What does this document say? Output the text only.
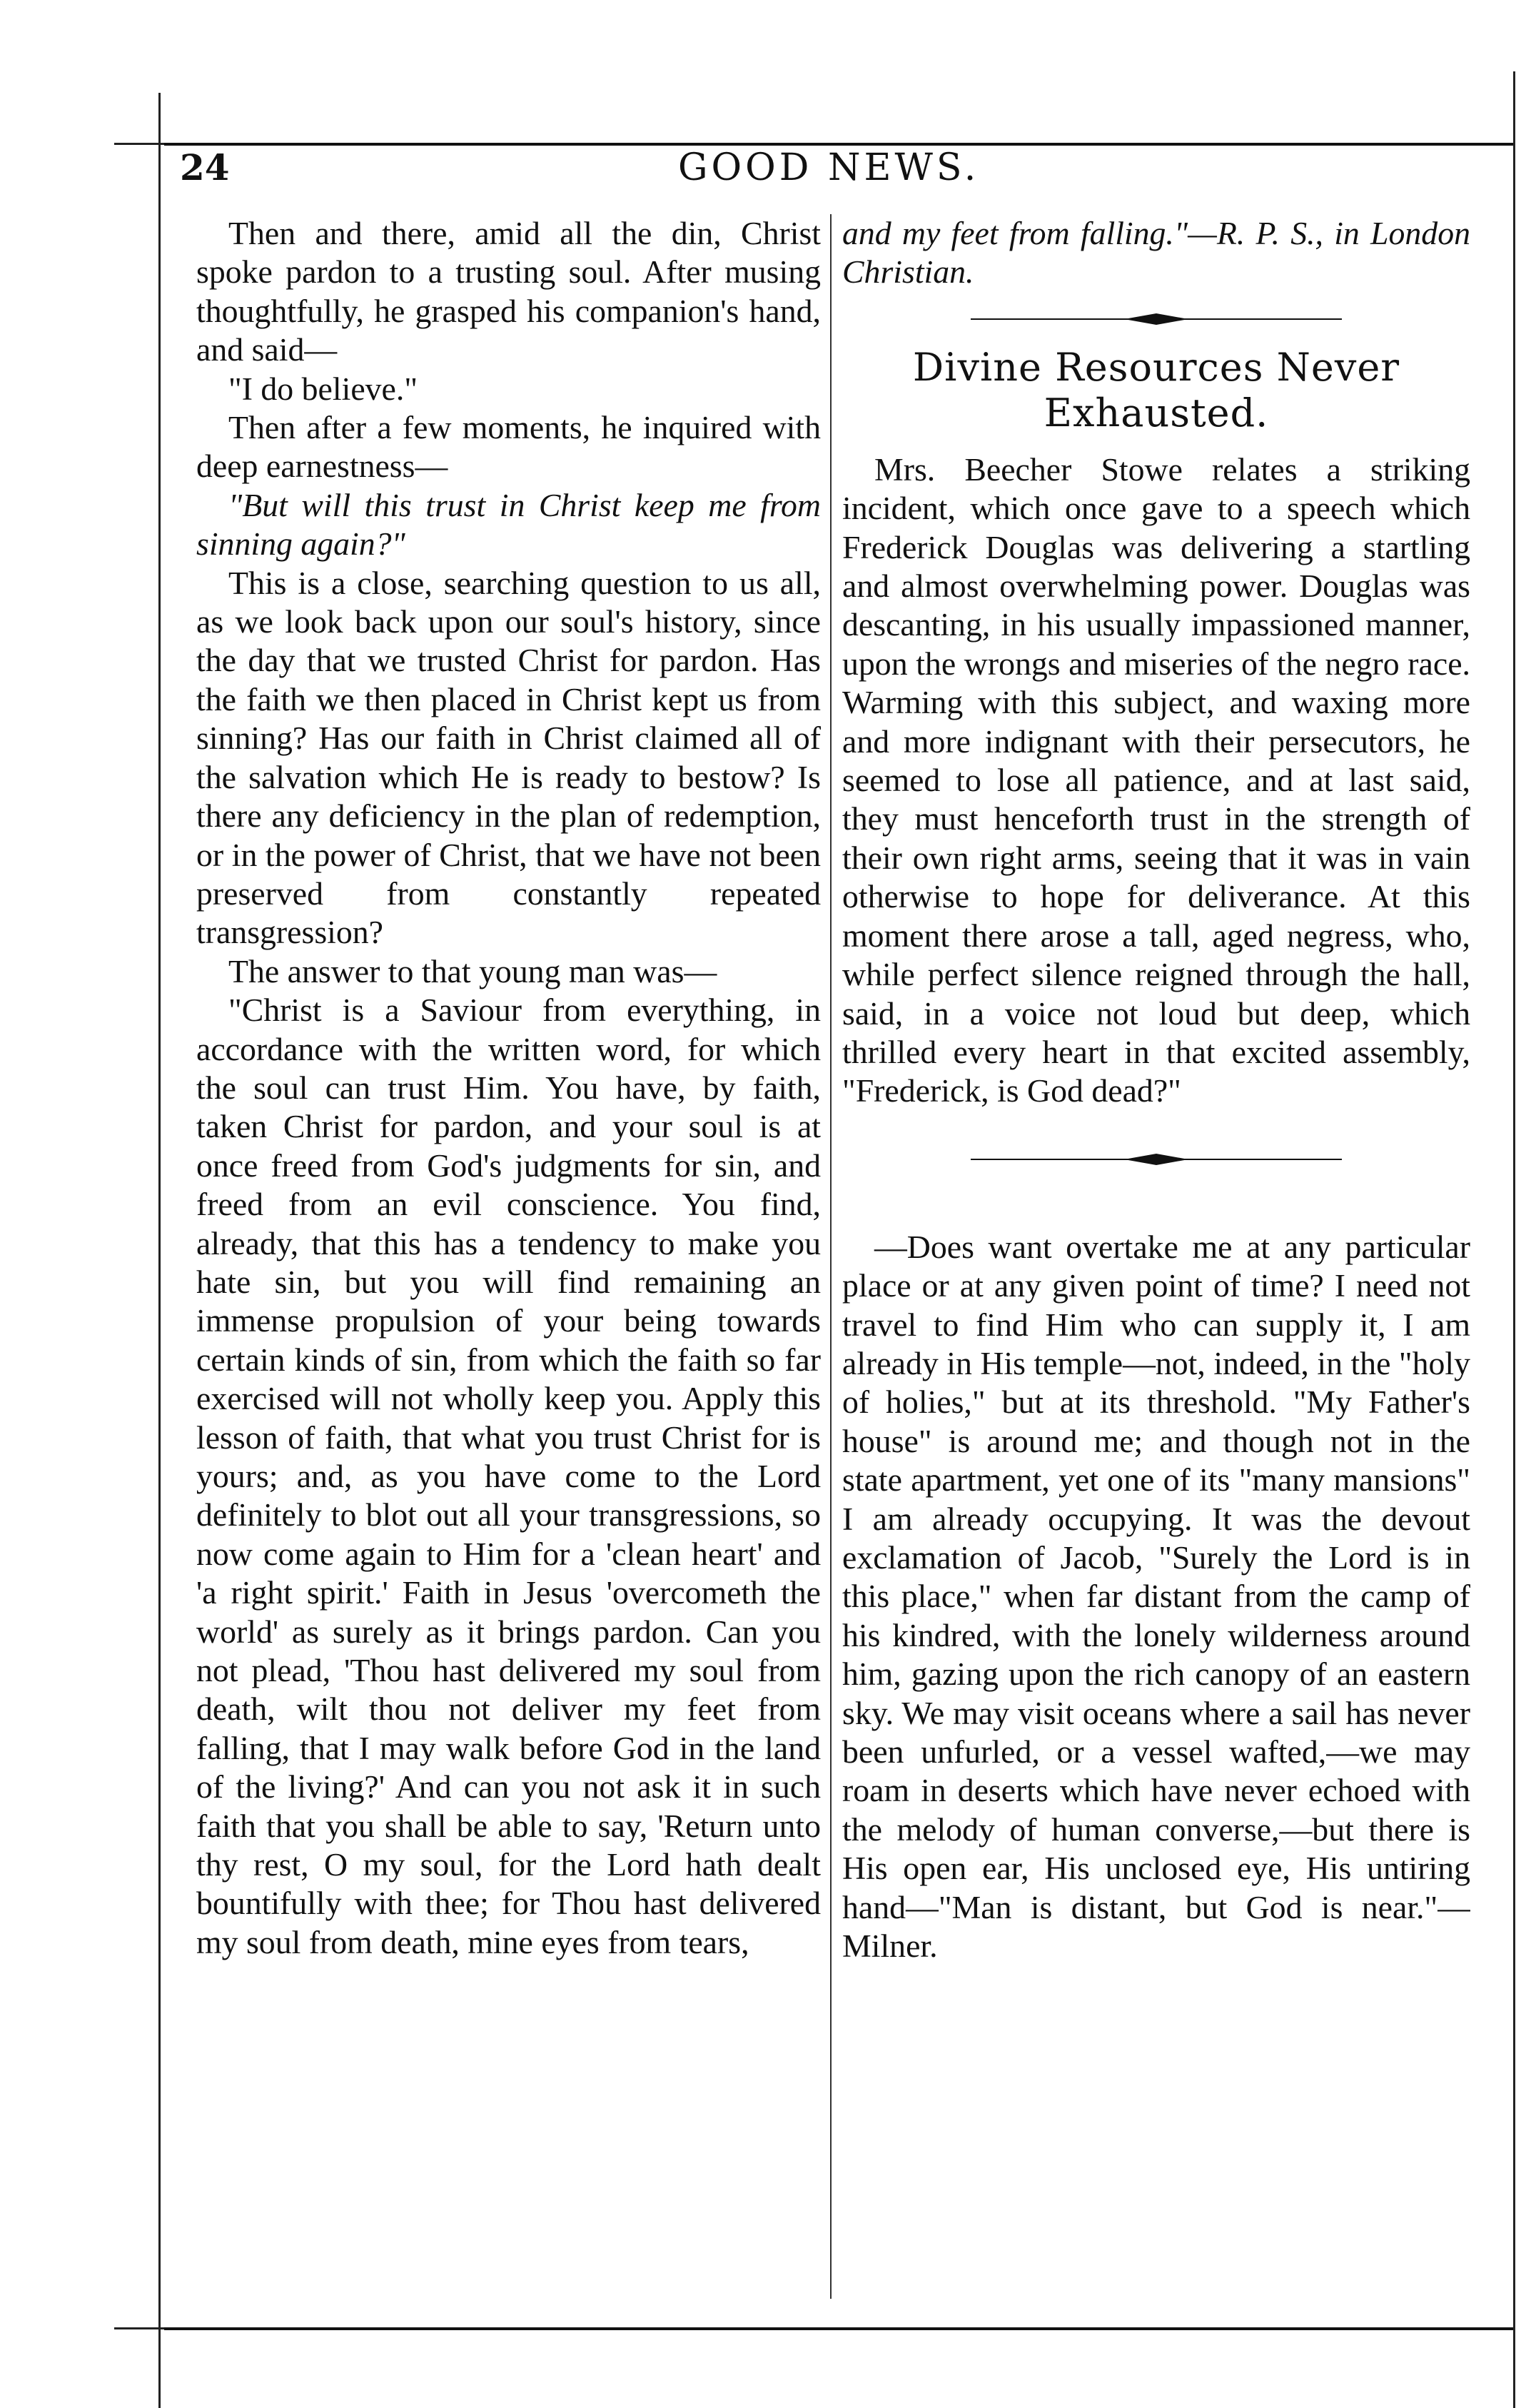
24	GOOD NEWS.

Then and there, amid all the din, Christ spoke pardon to a trusting soul. After musing thoughtfully, he grasped his companion's hand, and said—

"I do believe."

Then after a few moments, he inquired with deep earnestness—

"But will this trust in Christ keep me from sinning again?"

This is a close, searching question to us all, as we look back upon our soul's history, since the day that we trusted Christ for pardon. Has the faith we then placed in Christ kept us from sinning? Has our faith in Christ claimed all of the salvation which He is ready to bestow? Is there any deficiency in the plan of redemption, or in the power of Christ, that we have not been preserved from constantly repeated transgression?

The answer to that young man was—

"Christ is a Saviour from everything, in accordance with the written word, for which the soul can trust Him. You have, by faith, taken Christ for pardon, and your soul is at once freed from God's judgments for sin, and freed from an evil conscience. You find, already, that this has a tendency to make you hate sin, but you will find remaining an immense propulsion of your being towards certain kinds of sin, from which the faith so far exercised will not wholly keep you. Apply this lesson of faith, that what you trust Christ for is yours; and, as you have come to the Lord definitely to blot out all your transgressions, so now come again to Him for a 'clean heart' and 'a right spirit.' Faith in Jesus 'overcometh the world' as surely as it brings pardon. Can you not plead, 'Thou hast delivered my soul from death, wilt thou not deliver my feet from falling, that I may walk before God in the land of the living?' And can you not ask it in such faith that you shall be able to say, 'Return unto thy rest, O my soul, for the Lord hath dealt bountifully with thee; for Thou hast delivered my soul from death, mine eyes from tears,

and my feet from falling."—R. P. S., in London Christian.

Divine Resources Never Exhausted.

Mrs. Beecher Stowe relates a striking incident, which once gave to a speech which Frederick Douglas was delivering a startling and almost overwhelming power. Douglas was descanting, in his usually impassioned manner, upon the wrongs and miseries of the negro race. Warming with this subject, and waxing more and more indignant with their persecutors, he seemed to lose all patience, and at last said, they must henceforth trust in the strength of their own right arms, seeing that it was in vain otherwise to hope for deliverance. At this moment there arose a tall, aged negress, who, while perfect silence reigned through the hall, said, in a voice not loud but deep, which thrilled every heart in that excited assembly, "Frederick, is God dead?"

—Does want overtake me at any particular place or at any given point of time? I need not travel to find Him who can supply it, I am already in His temple—not, indeed, in the "holy of holies," but at its threshold. "My Father's house" is around me; and though not in the state apartment, yet one of its "many mansions" I am already occupying. It was the devout exclamation of Jacob, "Surely the Lord is in this place," when far distant from the camp of his kindred, with the lonely wilderness around him, gazing upon the rich canopy of an eastern sky. We may visit oceans where a sail has never been unfurled, or a vessel wafted,—we may roam in deserts which have never echoed with the melody of human converse,—but there is His open ear, His unclosed eye, His untiring hand—"Man is distant, but God is near."—Milner.
